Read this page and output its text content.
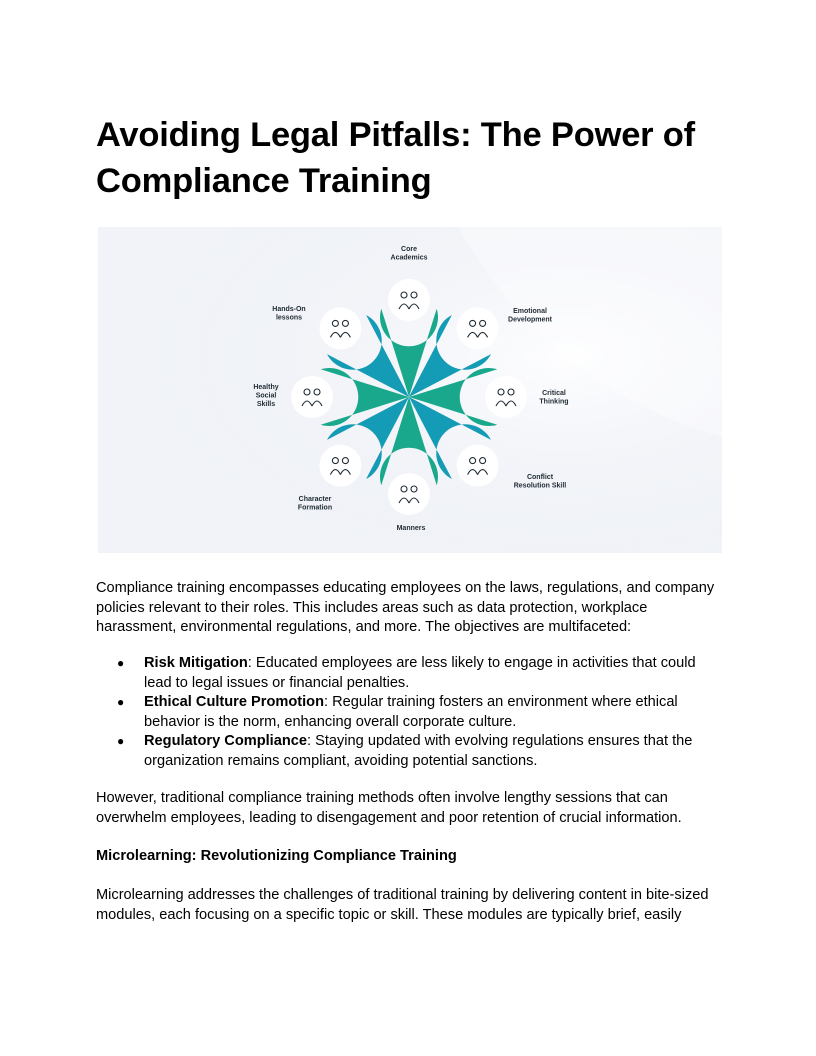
Avoiding Legal Pitfalls: The Power of Compliance Training
Core Academics
Emotional Development
Critical Thinking
Conflict Resolution Skill
Manners
Character Formation
Healthy Social Skills
Hands-On lessons

Compliance training encompasses educating employees on the laws, regulations, and company policies relevant to their roles. This includes areas such as data protection, workplace harassment, environmental regulations, and more. The objectives are multifaceted:

● Risk Mitigation: Educated employees are less likely to engage in activities that could lead to legal issues or financial penalties.
● Ethical Culture Promotion: Regular training fosters an environment where ethical behavior is the norm, enhancing overall corporate culture.
● Regulatory Compliance: Staying updated with evolving regulations ensures that the organization remains compliant, avoiding potential sanctions.

However, traditional compliance training methods often involve lengthy sessions that can overwhelm employees, leading to disengagement and poor retention of crucial information.

Microlearning: Revolutionizing Compliance Training

Microlearning addresses the challenges of traditional training by delivering content in bite-sized modules, each focusing on a specific topic or skill. These modules are typically brief, easily
